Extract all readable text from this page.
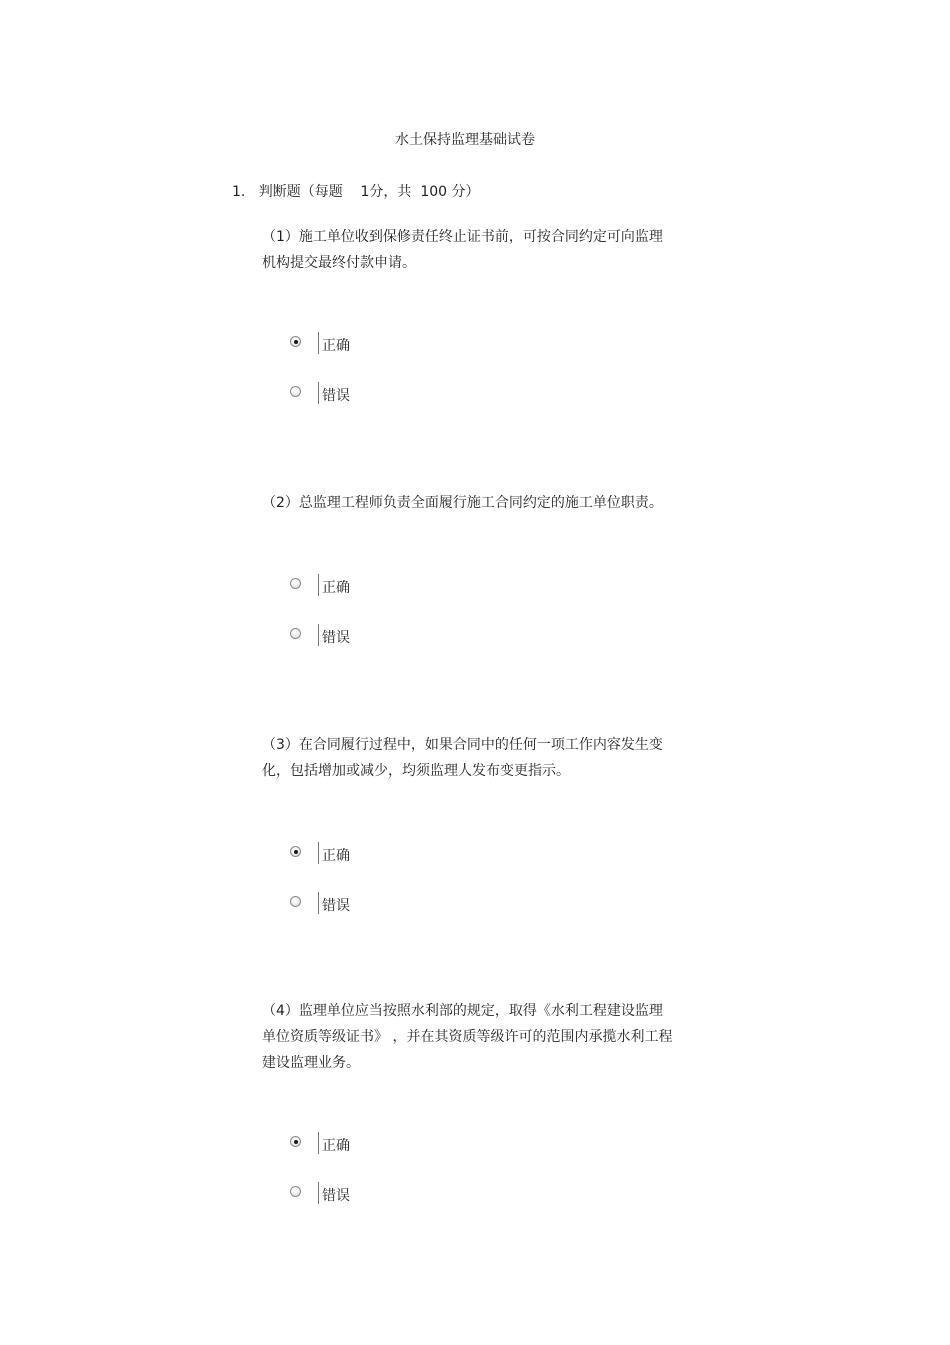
水土保持监理基础试卷
1.   判断题（每题    1分，共  100 分）
（1）施工单位收到保修责任终止证书前，可按合同约定可向监理
机构提交最终付款申请。
正确
错误
（2）总监理工程师负责全面履行施工合同约定的施工单位职责。
正确
错误
（3）在合同履行过程中，如果合同中的任何一项工作内容发生变
化，包括增加或减少，均须监理人发布变更指示。
正确
错误
（4）监理单位应当按照水利部的规定，取得《水利工程建设监理
单位资质等级证书》 ，并在其资质等级许可的范围内承揽水利工程
建设监理业务。
正确
错误
